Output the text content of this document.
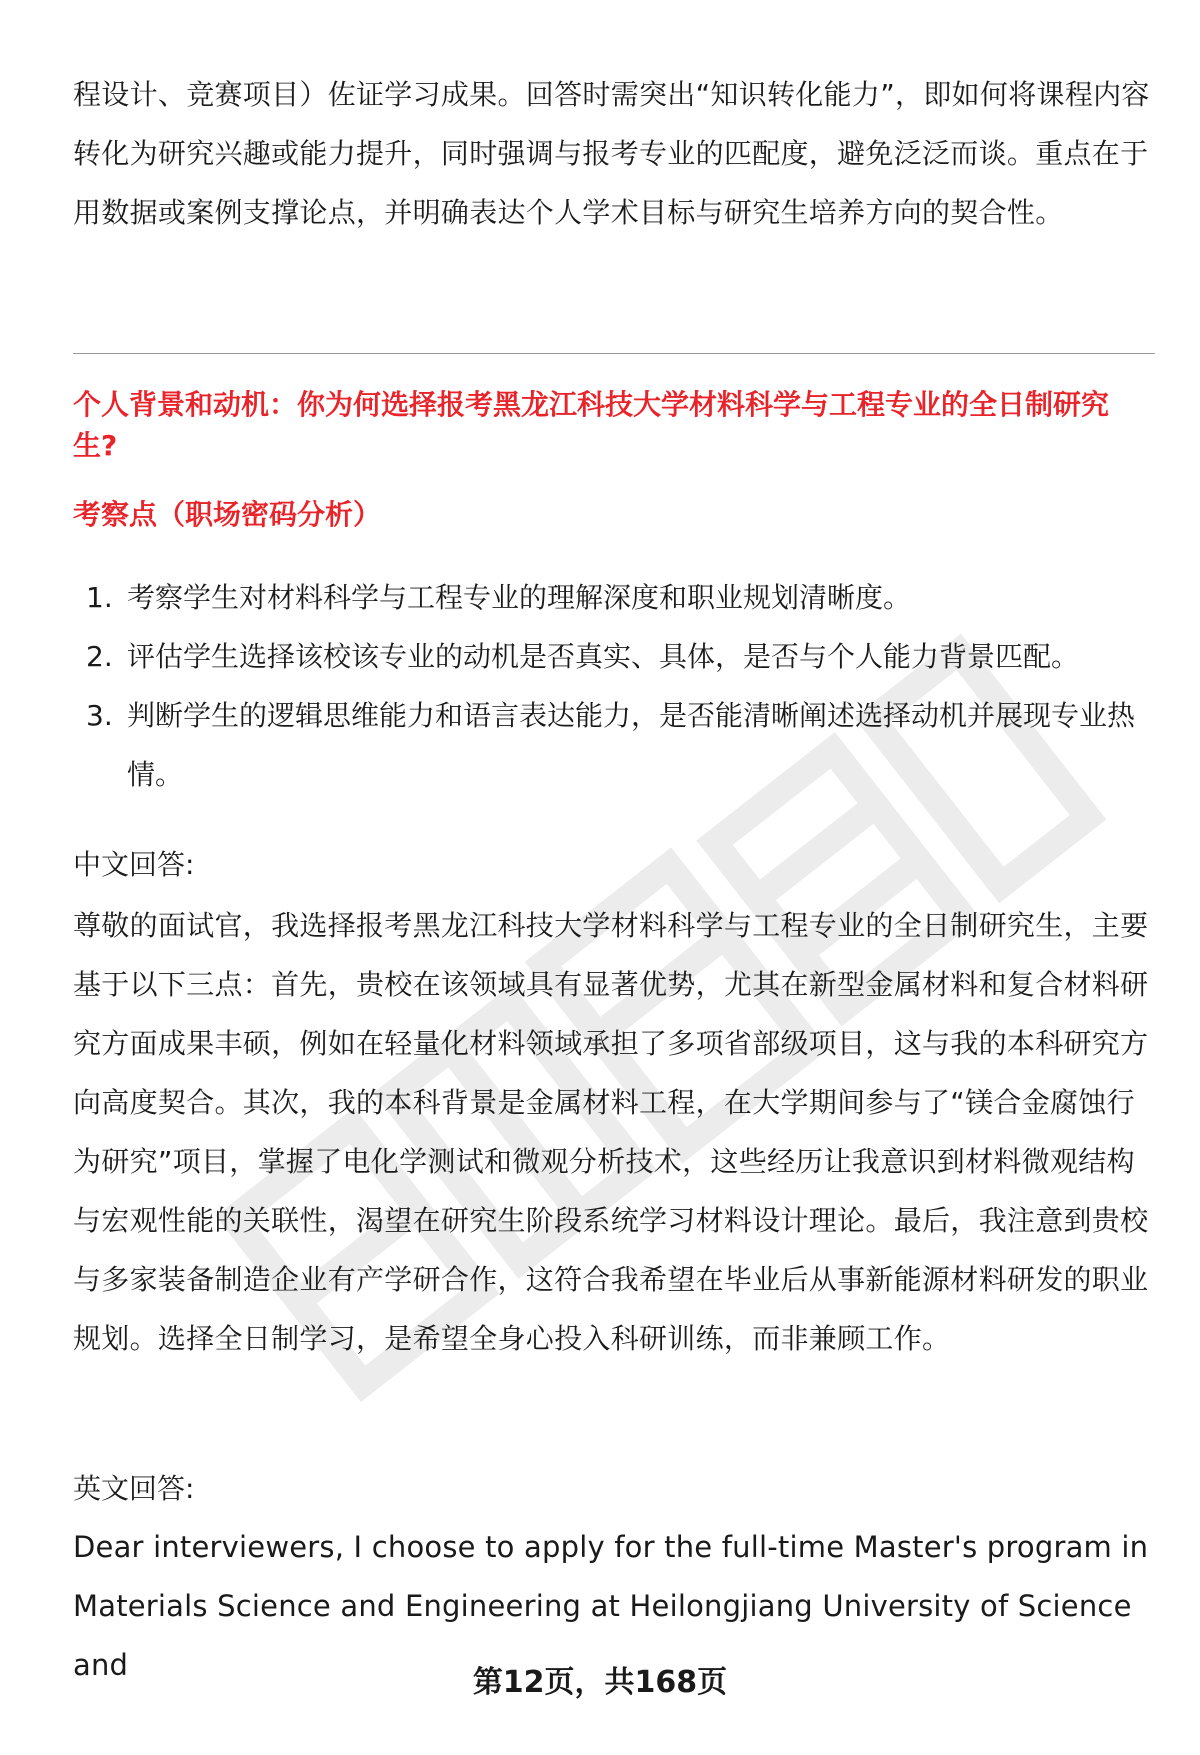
程设计、竞赛项目）佐证学习成果。回答时需突出“知识转化能力”，即如何将课程内容转化为研究兴趣或能力提升，同时强调与报考专业的匹配度，避免泛泛而谈。重点在于用数据或案例支撑论点，并明确表达个人学术目标与研究生培养方向的契合性。

个人背景和动机：你为何选择报考黑龙江科技大学材料科学与工程专业的全日制研究生?
考察点（职场密码分析）
1. 考察学生对材料科学与工程专业的理解深度和职业规划清晰度。
2. 评估学生选择该校该专业的动机是否真实、具体，是否与个人能力背景匹配。
3. 判断学生的逻辑思维能力和语言表达能力，是否能清晰阐述选择动机并展现专业热情。

中文回答:

尊敬的面试官，我选择报考黑龙江科技大学材料科学与工程专业的全日制研究生，主要基于以下三点：首先，贵校在该领域具有显著优势，尤其在新型金属材料和复合材料研究方面成果丰硕，例如在轻量化材料领域承担了多项省部级项目，这与我的本科研究方向高度契合。其次，我的本科背景是金属材料工程，在大学期间参与了“镁合金腐蚀行为研究”项目，掌握了电化学测试和微观分析技术，这些经历让我意识到材料微观结构与宏观性能的关联性，渴望在研究生阶段系统学习材料设计理论。最后，我注意到贵校与多家装备制造企业有产学研合作，这符合我希望在毕业后从事新能源材料研发的职业规划。选择全日制学习，是希望全身心投入科研训练，而非兼顾工作。

英文回答:

Dear interviewers, I choose to apply for the full-time Master's program in Materials Science and Engineering at Heilongjiang University of Science and	第12页，共168页
